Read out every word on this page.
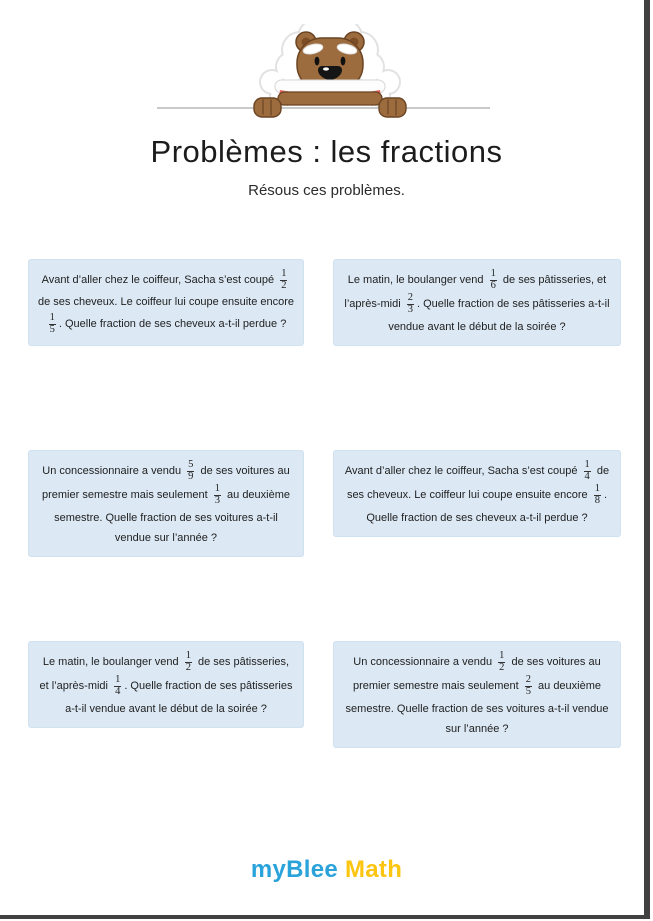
Problèmes : les fractions
Résous ces problèmes.

Avant d’aller chez le coiffeur, Sacha s’est coupé $\frac{1}{2}$
de ses cheveux. Le coiffeur lui coupe ensuite encore
$\frac{1}{5}$ . Quelle fraction de ses cheveux a-t-il perdue ?

Le matin, le boulanger vend $\frac{1}{6}$ de ses pâtisseries, et l’après-midi $\frac{2}{3}$ . Quelle fraction de ses pâtisseries a-t-il vendue avant le début de la soirée ?

Un concessionnaire a vendu $\frac{5}{9}$ de ses voitures au premier semestre mais seulement $\frac{1}{3}$ au deuxième semestre. Quelle fraction de ses voitures a-t-il vendue sur l’année ?

Avant d’aller chez le coiffeur, Sacha s’est coupé $\frac{1}{4}$ de ses cheveux. Le coiffeur lui coupe ensuite encore $\frac{1}{8}$ . Quelle fraction de ses cheveux a-t-il perdue ?

Le matin, le boulanger vend $\frac{1}{2}$ de ses pâtisseries, et l’après-midi $\frac{1}{4}$ . Quelle fraction de ses pâtisseries a-t-il vendue avant le début de la soirée ?

Un concessionnaire a vendu $\frac{1}{2}$ de ses voitures au premier semestre mais seulement $\frac{2}{5}$ au deuxième semestre. Quelle fraction de ses voitures a-t-il vendue sur l’année ?

myBlee Math
